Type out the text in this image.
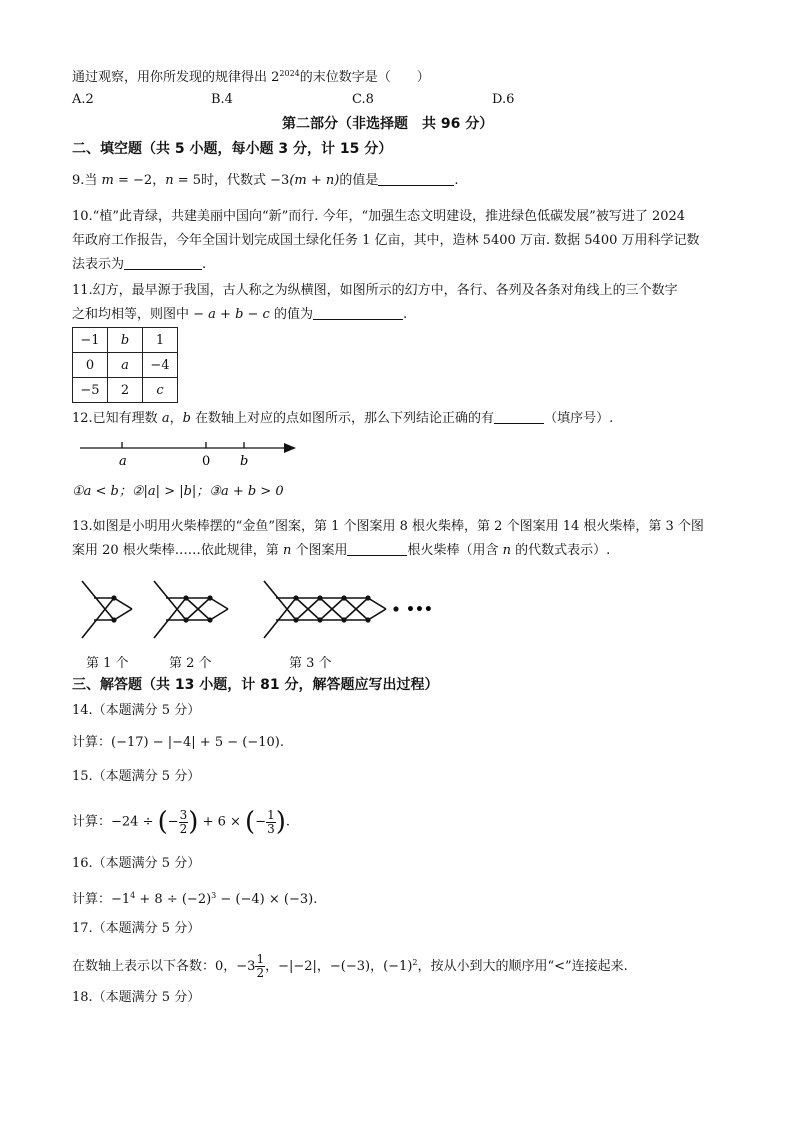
通过观察，用你所发现的规律得出 $2^{2024}$的末位数字是（　　）
A.2	B.4	C.8	D.6
第二部分（非选择题　共 96 分）
二、填空题（共 5 小题，每小题 3 分，计 15 分）
9.当 m = −2，n = 5时，代数式 −3(m + n)的值是	.
10.“植”此青绿，共建美丽中国向“新”而行. 今年，“加强生态文明建设，推进绿色低碳发展”被写进了 2024
年政府工作报告，今年全国计划完成国土绿化任务 1 亿亩，其中，造林 5400 万亩. 数据 5400 万用科学记数
法表示为	.
11.幻方，最早源于我国，古人称之为纵横图，如图所示的幻方中，各行、各列及各条对角线上的三个数字
之和均相等，则图中 − a + b − c 的值为	.
−1	b	1
0	a	−4
−5	2	c
12.已知有理数 a，b 在数轴上对应的点如图所示，那么下列结论正确的有	（填序号）.
a	0 b
①a < b；②|a| > |b|；③a + b > 0
13.如图是小明用火柴棒摆的“金鱼”图案，第 1 个图案用 8 根火柴棒，第 2 个图案用 14 根火柴棒，第 3 个图
案用 20 根火柴棒……依此规律，第 n 个图案用	根火柴棒（用含 n 的代数式表示）.
•••
第 1 个	第 2 个	第 3 个
三、解答题（共 13 小题，计 81 分，解答题应写出过程）
14.（本题满分 5 分）
计算：(−17) − |−4| + 5 − (−10).
15.（本题满分 5 分）
计算：−24 ÷ (− $\frac{3}{2}$ ) + 6 × (− $\frac{1}{3}$ ).
16.（本题满分 5 分）
计算：$-1^4 + 8 \div (-2)^3 - (-4) \times (-3)$.
17.（本题满分 5 分）
在数轴上表示以下各数：0，$-3 \frac{1}{2}$ ，−|−2|，−(−3)，$(-1)^2$，按从小到大的顺序用“<”连接起来.
18.（本题满分 5 分）
